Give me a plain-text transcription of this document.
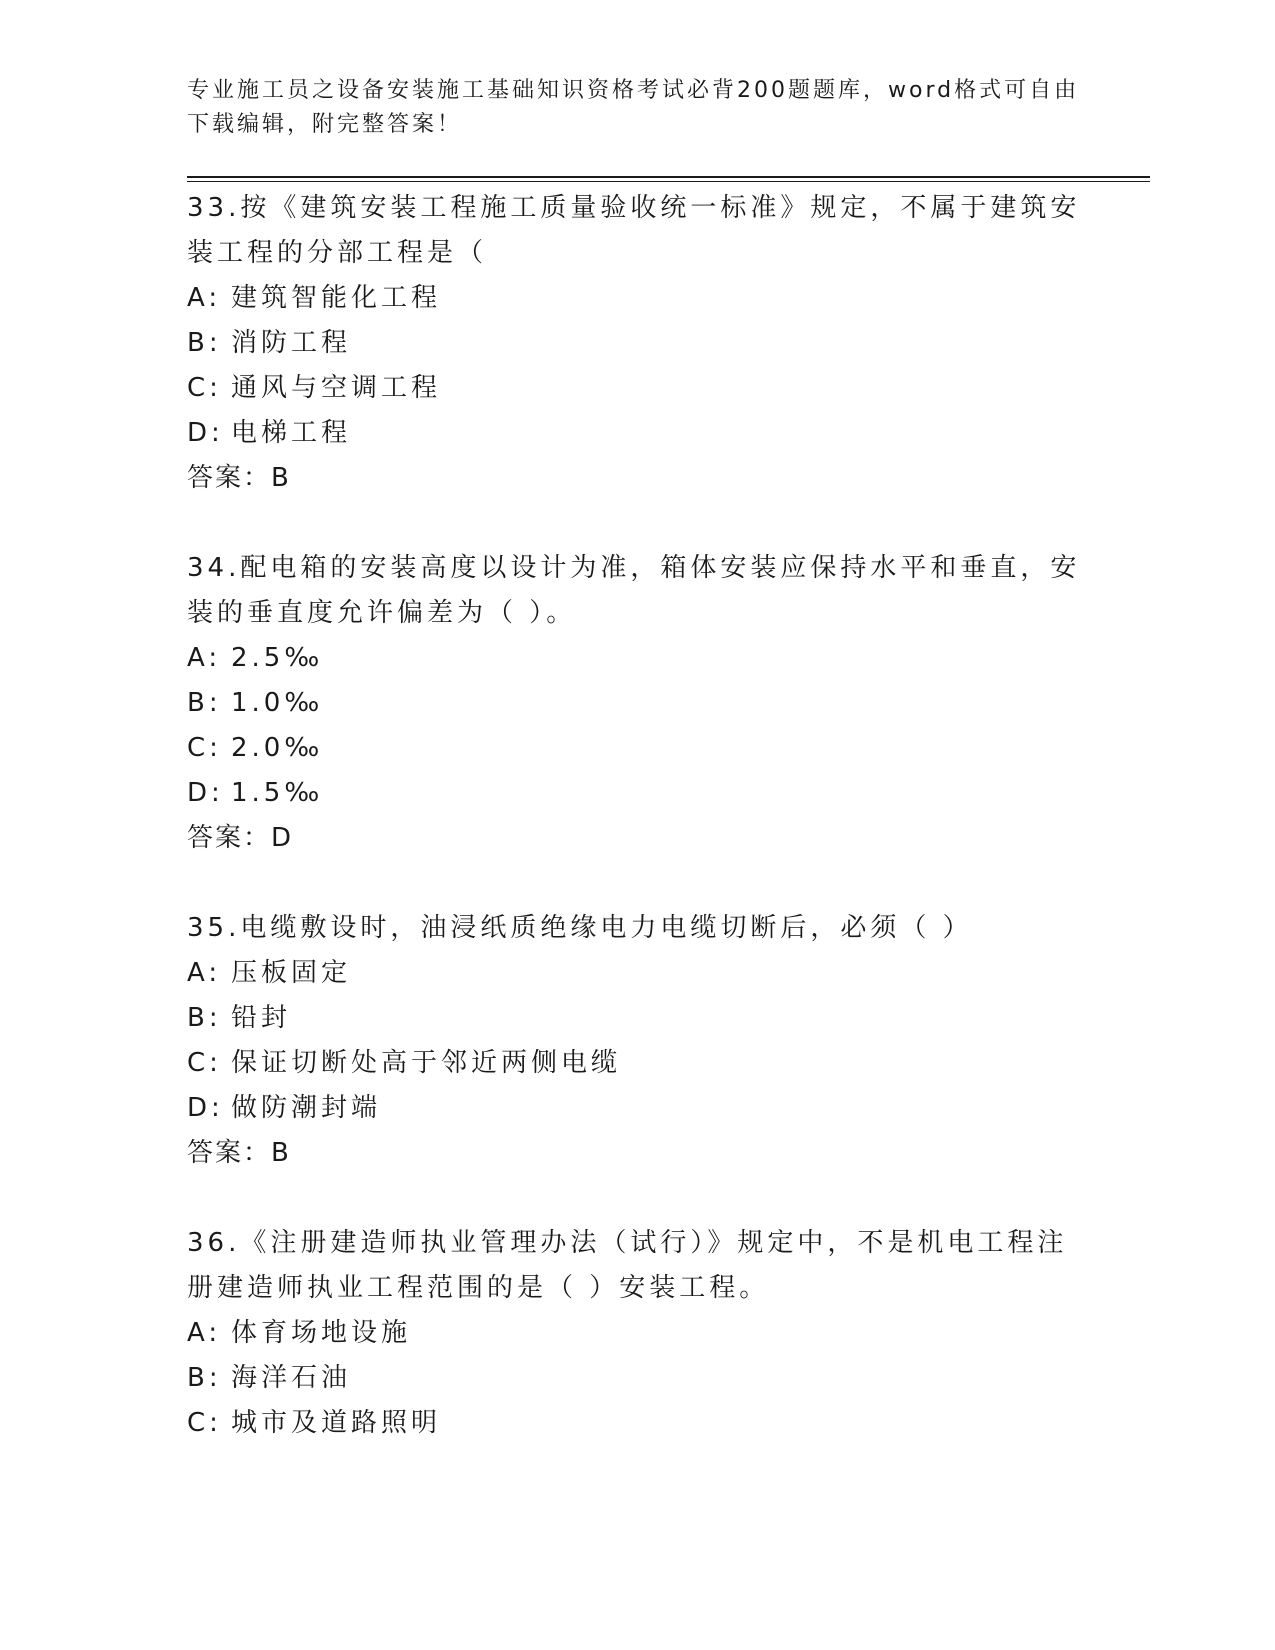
专业施工员之设备安装施工基础知识资格考试必背200题题库，word格式可自由下载编辑，附完整答案！
33.按《建筑安装工程施工质量验收统一标准》规定，不属于建筑安装工程的分部工程是（
A: 建筑智能化工程
B: 消防工程
C: 通风与空调工程
D: 电梯工程
答案：B
34.配电箱的安装高度以设计为准，箱体安装应保持水平和垂直，安装的垂直度允许偏差为（ ）。
A: 2.5‰
B: 1.0‰
C: 2.0‰
D: 1.5‰
答案：D
35.电缆敷设时，油浸纸质绝缘电力电缆切断后，必须（ ）
A: 压板固定
B: 铅封
C: 保证切断处高于邻近两侧电缆
D: 做防潮封端
答案：B
36.《注册建造师执业管理办法（试行）》规定中，不是机电工程注册建造师执业工程范围的是（ ）安装工程。
A: 体育场地设施
B: 海洋石油
C: 城市及道路照明
